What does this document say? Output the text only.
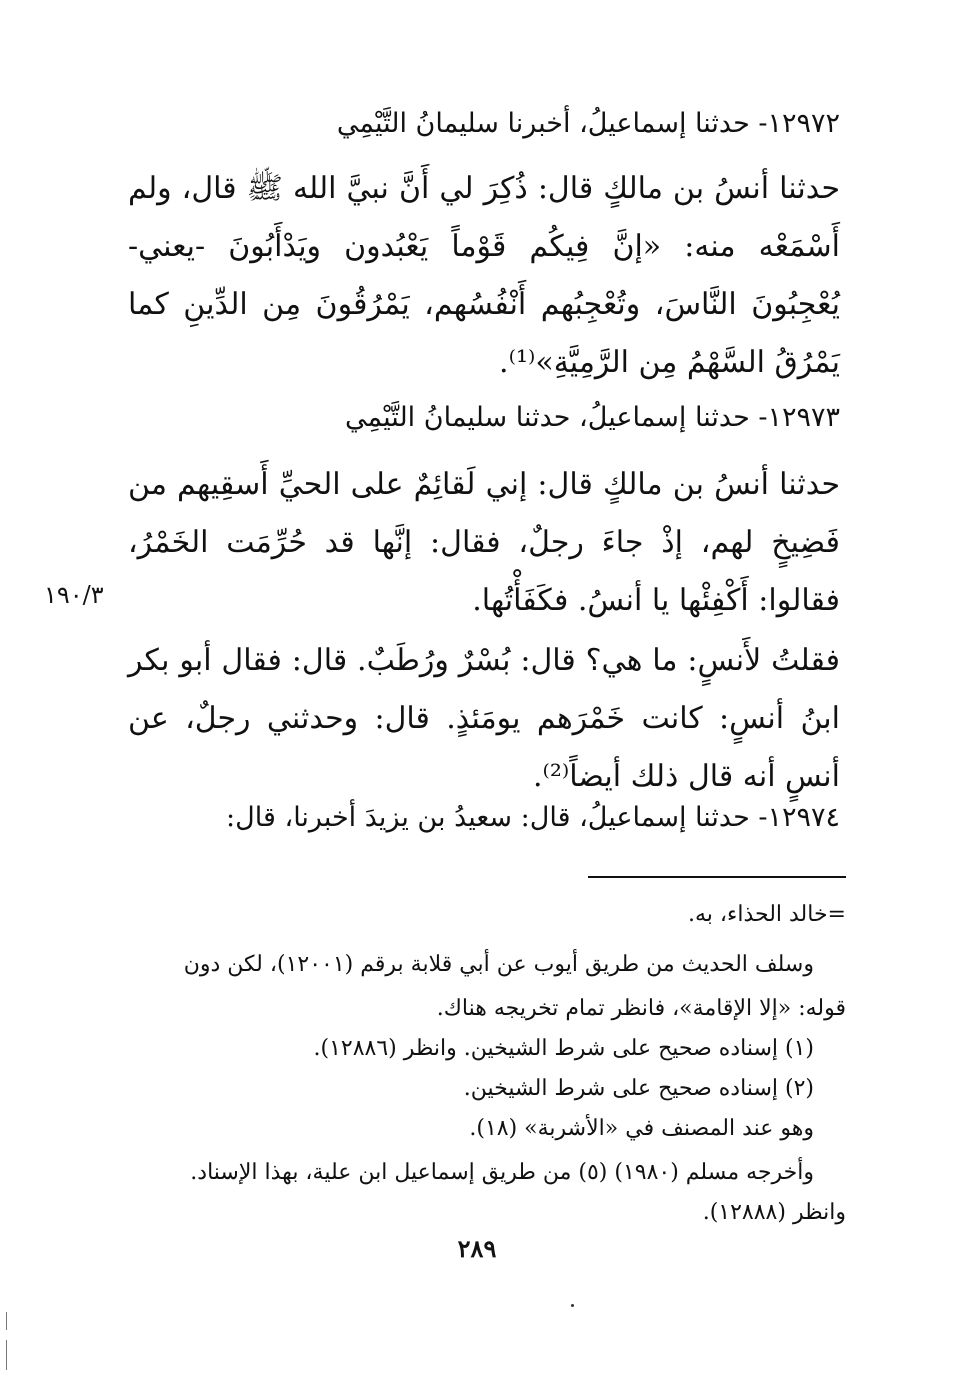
١٢٩٧٢- حدثنا إسماعيلُ، أخبرنا سليمانُ التَّيْمِي

حدثنا أنسُ بن مالكٍ قال: ذُكِرَ لي أَنَّ نبيَّ الله ﷺ قال، ولم أَسْمَعْه منه: «إنَّ فِيكُم قَوْماً يَعْبُدون ويَدْأَبُونَ -يعني- يُعْجِبُونَ النَّاسَ، وتُعْجِبُهم أَنْفُسُهم، يَمْرُقُونَ مِن الدِّينِ كما يَمْرُقُ السَّهْمُ مِن الرَّمِيَّةِ»⁽¹⁾.

١٢٩٧٣- حدثنا إسماعيلُ، حدثنا سليمانُ التَّيْمِي

حدثنا أنسُ بن مالكٍ قال: إني لَقائِمٌ على الحيِّ أَسقِيهم من فَضِيخٍ لهم، إذْ جاءَ رجلٌ، فقال: إنَّها قد حُرِّمَت الخَمْرُ، فقالوا: أَكْفِئْها يا أنسُ. فكَفَأْتُها.

فقلتُ لأَنسٍ: ما هي؟ قال: بُسْرٌ ورُطَبٌ. قال: فقال أبو بكر ابنُ أنسٍ: كانت خَمْرَهم يومَئذٍ. قال: وحدثني رجلٌ، عن أنسٍ أنه قال ذلك أيضاً⁽²⁾.

١٩٠/٣

١٢٩٧٤- حدثنا إسماعيلُ، قال: سعيدُ بن يزيدَ أخبرنا، قال:

=خالد الحذاء، به.

وسلف الحديث من طريق أيوب عن أبي قلابة برقم (١٢٠٠١)، لكن دون

قوله: «إلا الإقامة»، فانظر تمام تخريجه هناك.

(١) إسناده صحيح على شرط الشيخين. وانظر (١٢٨٨٦).

(٢) إسناده صحيح على شرط الشيخين.

وهو عند المصنف في «الأشربة» (١٨).

وأخرجه مسلم (١٩٨٠) (٥) من طريق إسماعيل ابن علية، بهذا الإسناد.

وانظر (١٢٨٨٨).

٢٨٩
